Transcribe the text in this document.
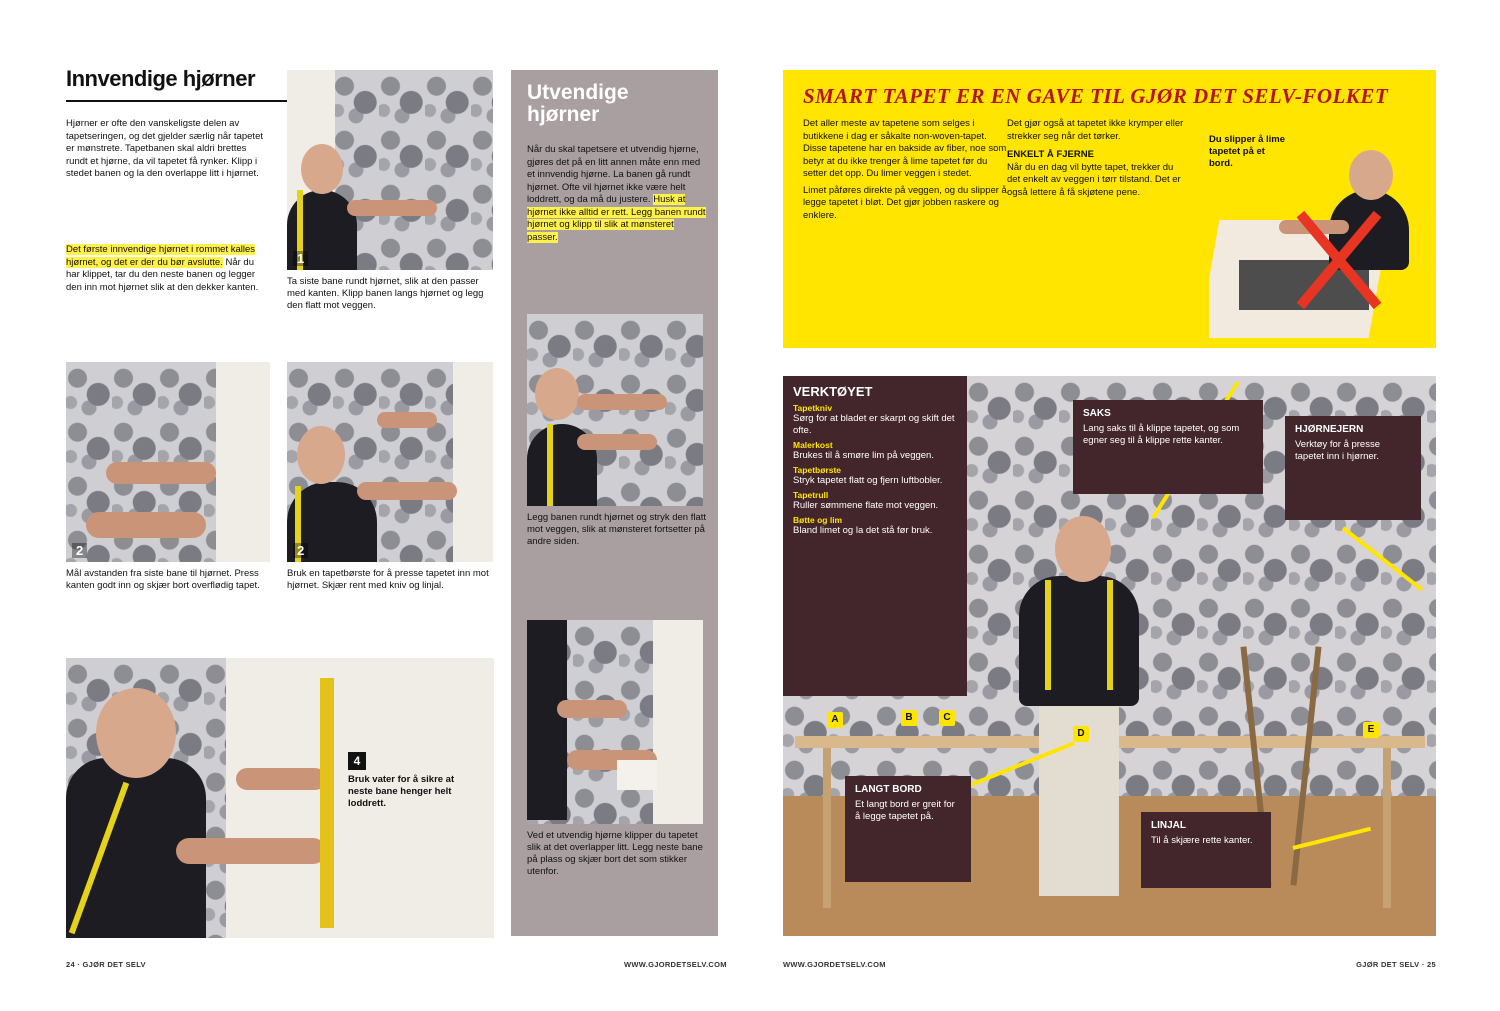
Innvendige hjørner
Hjørner er ofte den vanskeligste delen av tapetseringen, og det gjelder særlig når tapetet er mønstrete. Tapetbanen skal aldri brettes rundt et hjørne, da vil tapetet få rynker. Klipp i stedet banen og la den overlappe litt i hjørnet.
Det første innvendige hjørnet i rommet kalles hjørnet, og det er der du bør avslutte. Når du har klippet, tar du den neste banen og legger den inn mot hjørnet slik at den dekker kanten.
1
Ta siste bane rundt hjørnet, slik at den passer med kanten. Klipp banen langs hjørnet og legg den flatt mot veggen.
2
Mål avstanden fra siste bane til hjørnet. Press kanten godt inn og skjær bort overflødig tapet.
2
Bruk en tapetbørste for å presse tapetet inn mot hjørnet. Skjær rent med kniv og linjal.
4
Bruk vater for å sikre at neste bane henger helt loddrett.
24 · GJØR DET SELV
Utvendige hjørner
Når du skal tapetsere et utvendig hjørne, gjøres det på en litt annen måte enn med et innvendig hjørne. La banen gå rundt hjørnet. Ofte vil hjørnet ikke være helt loddrett, og da må du justere. Husk at hjørnet ikke alltid er rett. Legg banen rundt hjørnet og klipp til slik at mønsteret passer.
Legg banen rundt hjørnet og stryk den flatt mot veggen, slik at mønsteret fortsetter på andre siden.
Ved et utvendig hjørne klipper du tapetet slik at det overlapper litt. Legg neste bane på plass og skjær bort det som stikker utenfor.
WWW.GJORDETSELV.COM
SMART TAPET ER EN GAVE TIL GJØR DET SELV-FOLKET
Det aller meste av tapetene som selges i butikkene i dag er såkalte non-woven-tapet. Disse tapetene har en bakside av fiber, noe som betyr at du ikke trenger å lime tapetet før du setter det opp. Du limer veggen i stedet.
Limet påføres direkte på veggen, og du slipper å legge tapetet i bløt. Det gjør jobben raskere og enklere.
Det gjør også at tapetet ikke krymper eller strekker seg når det tørker.
ENKELT Å FJERNE
Når du en dag vil bytte tapet, trekker du det enkelt av veggen i tørr tilstand. Det er også lettere å få skjøtene pene.
Du slipper å lime tapetet på et bord.
A	B	C
D	E
VERKTØYET
Tapetkniv
Sørg for at bladet er skarpt og skift det ofte.
Malerkost
Brukes til å smøre lim på veggen.
Tapetbørste
Stryk tapetet flatt og fjern luftbobler.
Tapetrull
Ruller sømmene flate mot veggen.
Bøtte og lim
Bland limet og la det stå før bruk.
SAKS
Lang saks til å klippe tapetet, og som egner seg til å klippe rette kanter.
HJØRNEJERN
Verktøy for å presse tapetet inn i hjørner.
LANGT BORD
Et langt bord er greit for å legge tapetet på.
LINJAL
Til å skjære rette kanter.
WWW.GJORDETSELV.COM	GJØR DET SELV · 25
